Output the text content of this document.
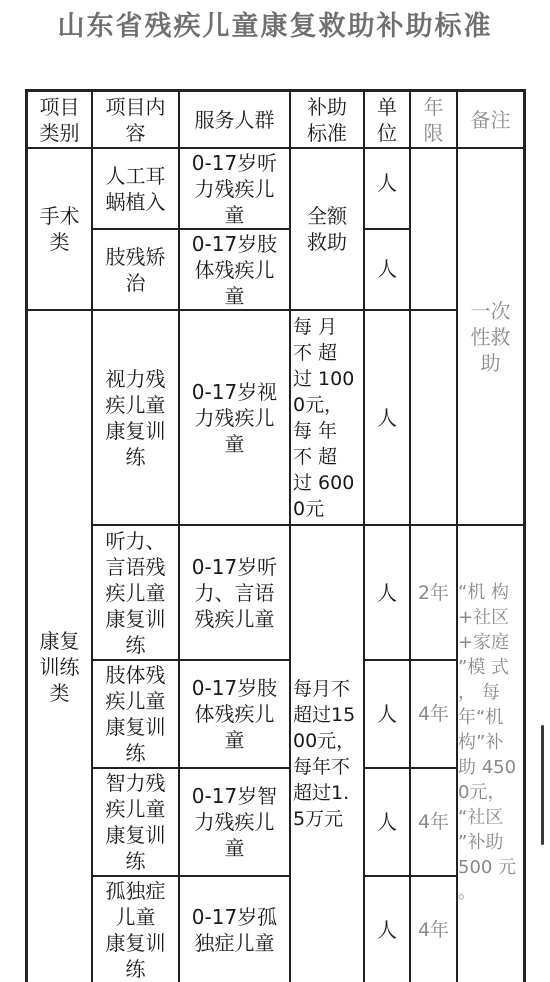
山东省残疾儿童康复救助补助标准
项目
类别
项目内
容
服务人群
补助
标准
单
位
年
限
备注
手术
类
康复
训练
类
人工耳
蜗植入
肢残矫
治
视力残
疾儿童
康复训
练
听力、
言语残
疾儿童
康复训
练
肢体残
疾儿童
康复训
练
智力残
疾儿童
康复训
练
孤独症
儿童
康复训
练
0-17岁听
力残疾儿
童
0-17岁肢
体残疾儿
童
0-17岁视
力残疾儿
童
0-17岁听
力、言语
残疾儿童
0-17岁肢
体残疾儿
童
0-17岁智
力残疾儿
童
0-17岁孤
独症儿童
全额
救助
每 月
不 超
过 100
0元，
每 年
不 超
过 600
0元
每月不
超过15
00元，
每年不
超过1.
5万元
人
人
人
人
人
人
人
2年
4年
4年
4年
一次
性救
助
“机 构
+社区
+家庭
”模 式
， 每
年“机
构”补
助 450
0元，
“社区
”补助
500 元
。
